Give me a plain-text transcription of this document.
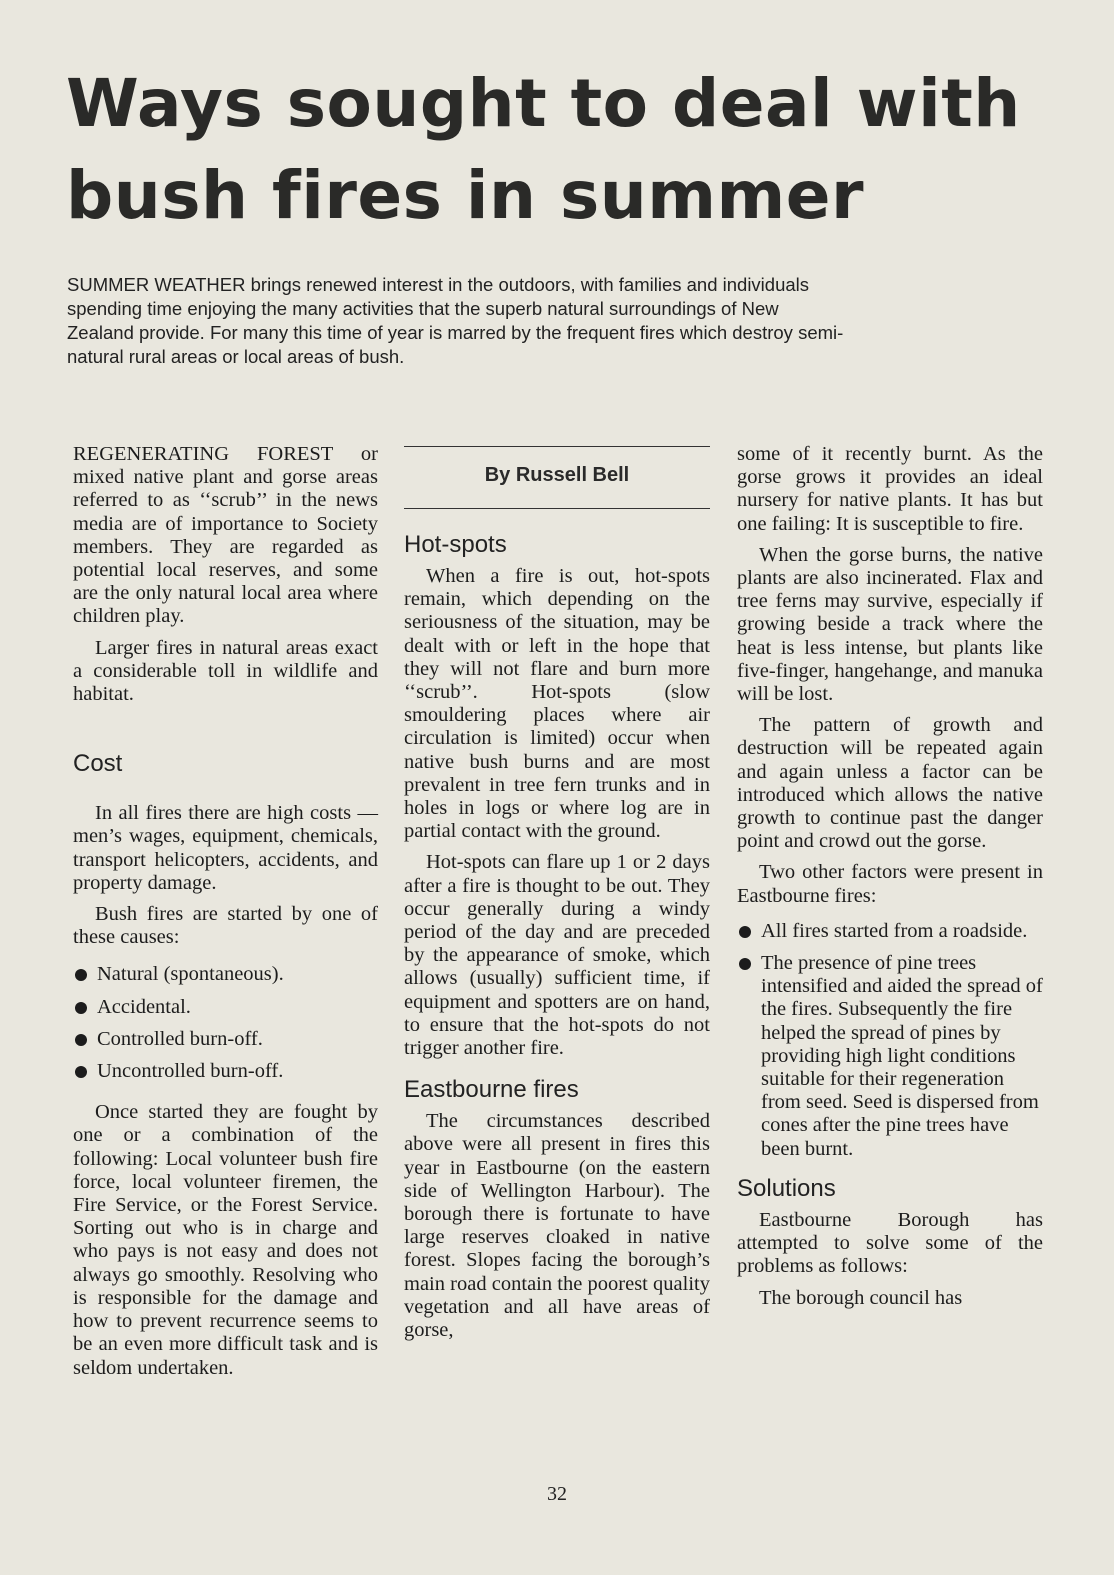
Ways sought to deal with
bush fires in summer

SUMMER WEATHER brings renewed interest in the outdoors, with families and individuals spending time enjoying the many activities that the superb natural surroundings of New Zealand provide. For many this time of year is marred by the frequent fires which destroy semi-natural rural areas or local areas of bush.

REGENERATING FOREST or mixed native plant and gorse areas referred to as ‘‘scrub’’ in the news media are of importance to Society members. They are regarded as potential local reserves, and some are the only natural local area where children play.

Larger fires in natural areas exact a considerable toll in wildlife and habitat.

Cost

In all fires there are high costs — men’s wages, equipment, chemicals, transport helicopters, accidents, and property damage.

Bush fires are started by one of these causes:

Natural (spontaneous).
Accidental.
Controlled burn-off.
Uncontrolled burn-off.

Once started they are fought by one or a combination of the following: Local volunteer bush fire force, local volunteer firemen, the Fire Service, or the Forest Service. Sorting out who is in charge and who pays is not easy and does not always go smoothly. Resolving who is responsible for the damage and how to prevent recurrence seems to be an even more difficult task and is seldom undertaken.

By Russell Bell
Hot-spots

When a fire is out, hot-spots remain, which depending on the seriousness of the situation, may be dealt with or left in the hope that they will not flare and burn more ‘‘scrub’’. Hot-spots (slow smouldering places where air circulation is limited) occur when native bush burns and are most prevalent in tree fern trunks and in holes in logs or where log are in partial contact with the ground.

Hot-spots can flare up 1 or 2 days after a fire is thought to be out. They occur generally during a windy period of the day and are preceded by the appearance of smoke, which allows (usually) sufficient time, if equipment and spotters are on hand, to ensure that the hot-spots do not trigger another fire.

Eastbourne fires

The circumstances described above were all present in fires this year in Eastbourne (on the eastern side of Wellington Harbour). The borough there is fortunate to have large reserves cloaked in native forest. Slopes facing the borough’s main road contain the poorest quality vegetation and all have areas of gorse,

some of it recently burnt. As the gorse grows it provides an ideal nursery for native plants. It has but one failing: It is susceptible to fire.

When the gorse burns, the native plants are also incinerated. Flax and tree ferns may survive, especially if growing beside a track where the heat is less intense, but plants like five-finger, hangehange, and manuka will be lost.

The pattern of growth and destruction will be repeated again and again unless a factor can be introduced which allows the native growth to continue past the danger point and crowd out the gorse.

Two other factors were present in Eastbourne fires:

All fires started from a roadside.
The presence of pine trees intensified and aided the spread of the fires. Subsequently the fire helped the spread of pines by providing high light conditions suitable for their regeneration from seed. Seed is dispersed from cones after the pine trees have been burnt.
Solutions

Eastbourne Borough has attempted to solve some of the problems as follows:

The borough council has

32
